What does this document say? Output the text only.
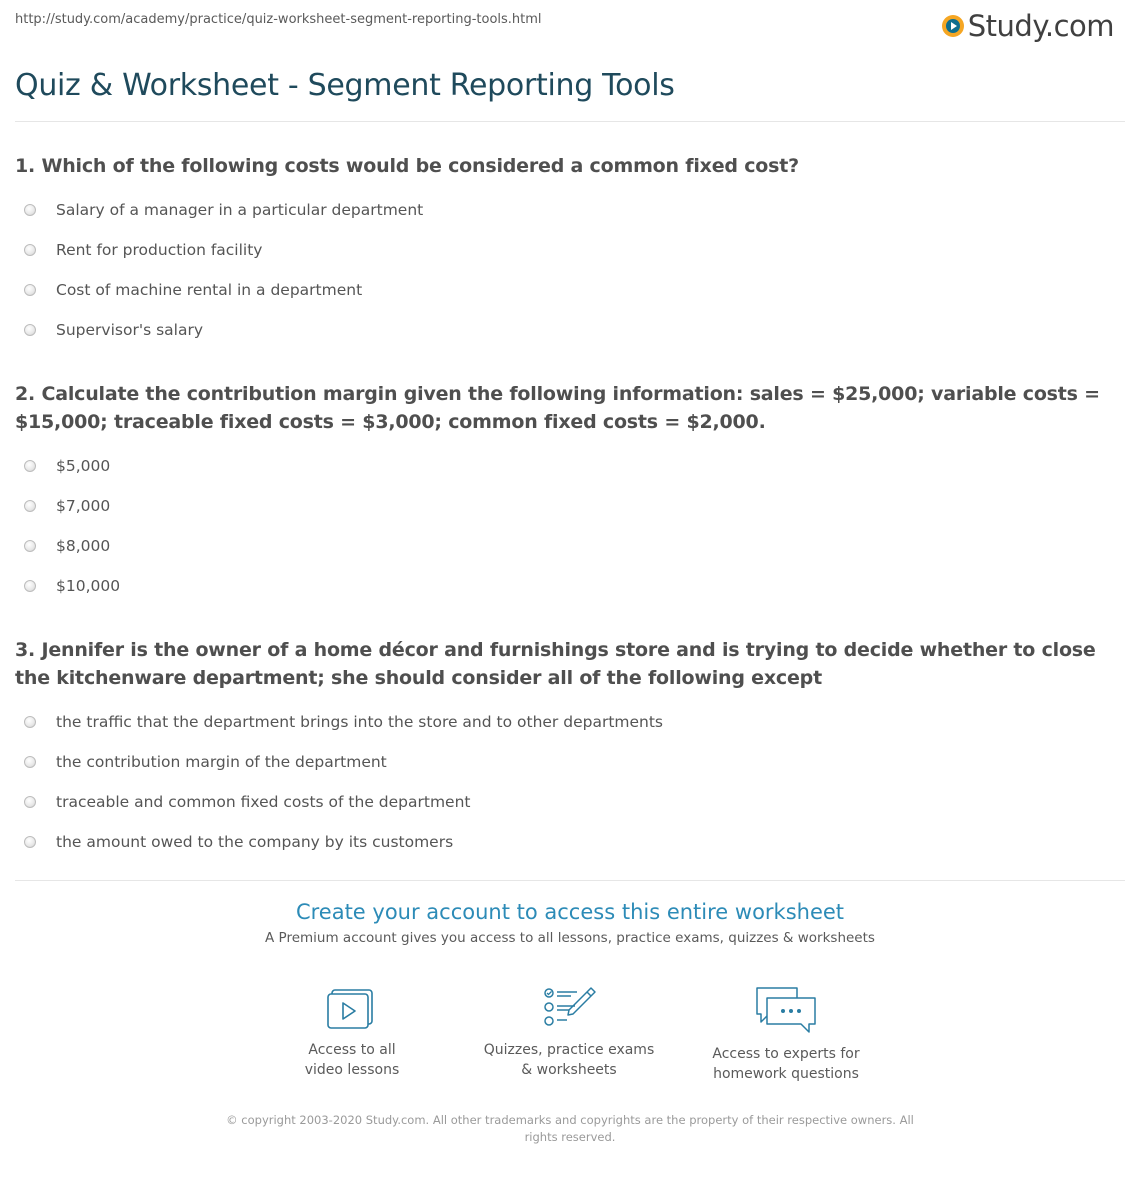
http://study.com/academy/practice/quiz-worksheet-segment-reporting-tools.html	Study.com
Quiz & Worksheet - Segment Reporting Tools

1. Which of the following costs would be considered a common fixed cost?

Salary of a manager in a particular department
Rent for production facility
Cost of machine rental in a department
Supervisor's salary

2. Calculate the contribution margin given the following information: sales = $25,000; variable costs = $15,000; traceable fixed costs = $3,000; common fixed costs = $2,000.

$5,000
$7,000
$8,000
$10,000

3. Jennifer is the owner of a home décor and furnishings store and is trying to decide whether to close the kitchenware department; she should consider all of the following except

the traffic that the department brings into the store and to other departments
the contribution margin of the department
traceable and common fixed costs of the department
the amount owed to the company by its customers
Create your account to access this entire worksheet
A Premium account gives you access to all lessons, practice exams, quizzes & worksheets
Access to all
video lessons
Quizzes, practice exams
& worksheets
Access to experts for
homework questions
© copyright 2003-2020 Study.com. All other trademarks and copyrights are the property of their respective owners. All rights reserved.
